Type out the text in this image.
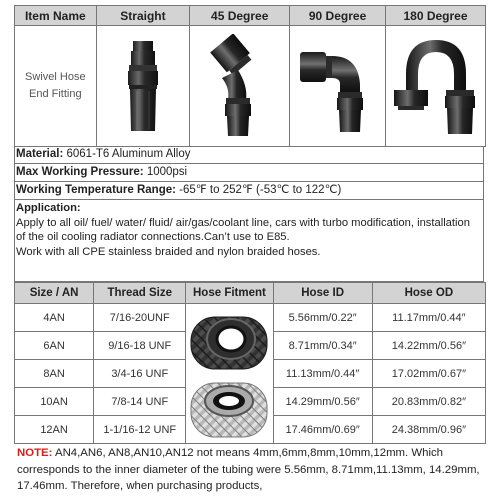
Item Name	Straight	45 Degree	90 Degree	180 Degree

Swivel Hose
End Fitting

Material: 6061-T6 Aluminum Alloy
Max Working Pressure: 1000psi
Working Temperature Range: -65℉ to 252℉ (-53℃ to 122℃)
Application:
Apply to all oil/ fuel/ water/ fluid/ air/gas/coolant line, cars with turbo modification, installation of the oil cooling radiator connections.Can’t use to E85.
Work with all CPE stainless braided and nylon braided hoses.
Size / AN	Thread Size	Hose Fitment	Hose ID	Hose OD
4AN	7/16-20UNF		5.56mm/0.22″	11.17mm/0.44″
6AN	9/16-18 UNF		8.71mm/0.34″	14.22mm/0.56″
8AN	3/4-16 UNF		11.13mm/0.44″	17.02mm/0.67″
10AN	7/8-14 UNF		14.29mm/0.56″	20.83mm/0.82″
12AN	1-1/16-12 UNF		17.46mm/0.69″	24.38mm/0.96″
NOTE: AN4,AN6, AN8,AN10,AN12 not means 4mm,6mm,8mm,10mm,12mm. Which corresponds to the inner diameter of the tubing were 5.56mm, 8.71mm,11.13mm, 14.29mm, 17.46mm. Therefore, when purchasing products,
